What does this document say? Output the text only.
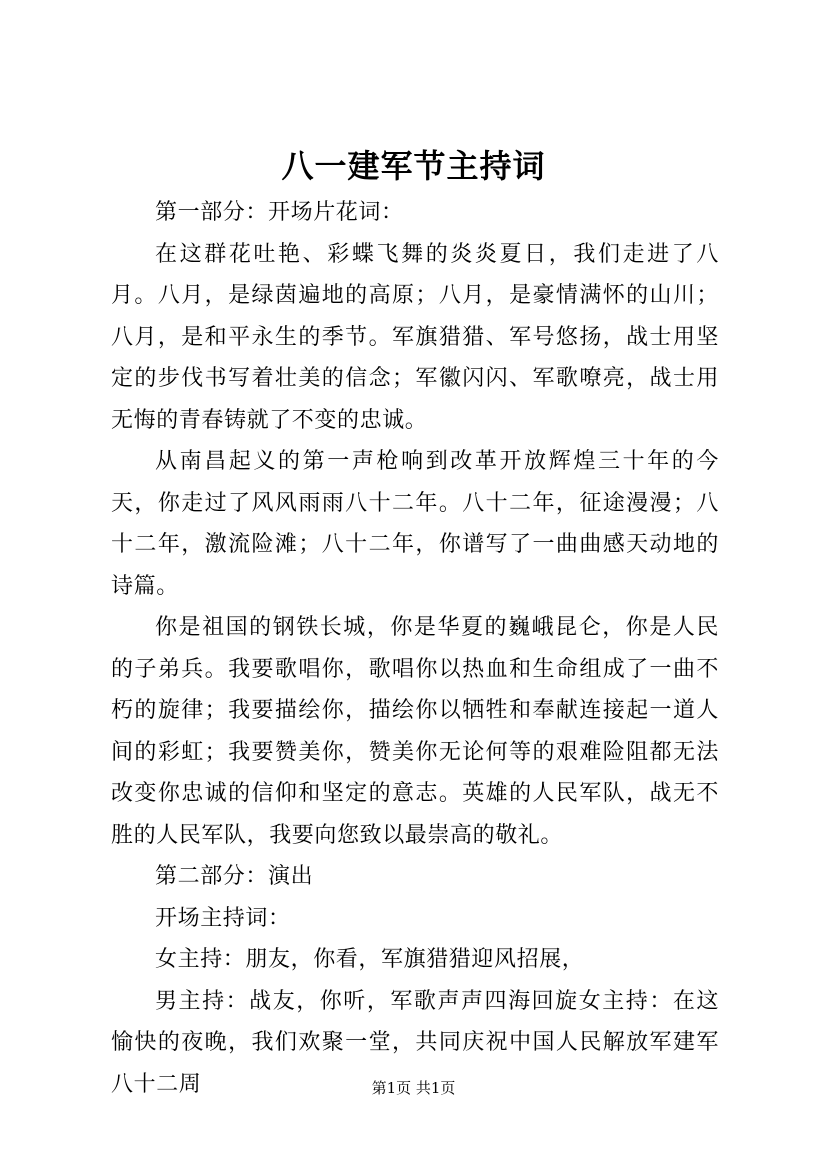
八一建军节主持词

第一部分：开场片花词：

在这群花吐艳、彩蝶飞舞的炎炎夏日，我们走进了八月。八月，是绿茵遍地的高原；八月，是豪情满怀的山川；八月，是和平永生的季节。军旗猎猎、军号悠扬，战士用坚定的步伐书写着壮美的信念；军徽闪闪、军歌嘹亮，战士用无悔的青春铸就了不变的忠诚。

从南昌起义的第一声枪响到改革开放辉煌三十年的今天，你走过了风风雨雨八十二年。八十二年，征途漫漫；八十二年，激流险滩；八十二年，你谱写了一曲曲感天动地的诗篇。

你是祖国的钢铁长城，你是华夏的巍峨昆仑，你是人民的子弟兵。我要歌唱你，歌唱你以热血和生命组成了一曲不朽的旋律；我要描绘你，描绘你以牺牲和奉献连接起一道人间的彩虹；我要赞美你，赞美你无论何等的艰难险阻都无法改变你忠诚的信仰和坚定的意志。英雄的人民军队，战无不胜的人民军队，我要向您致以最崇高的敬礼。

第二部分：演出

开场主持词：

女主持：朋友，你看，军旗猎猎迎风招展，

男主持：战友，你听，军歌声声四海回旋女主持：在这愉快的夜晚，我们欢聚一堂，共同庆祝中国人民解放军建军八十二周	第1页 共1页
